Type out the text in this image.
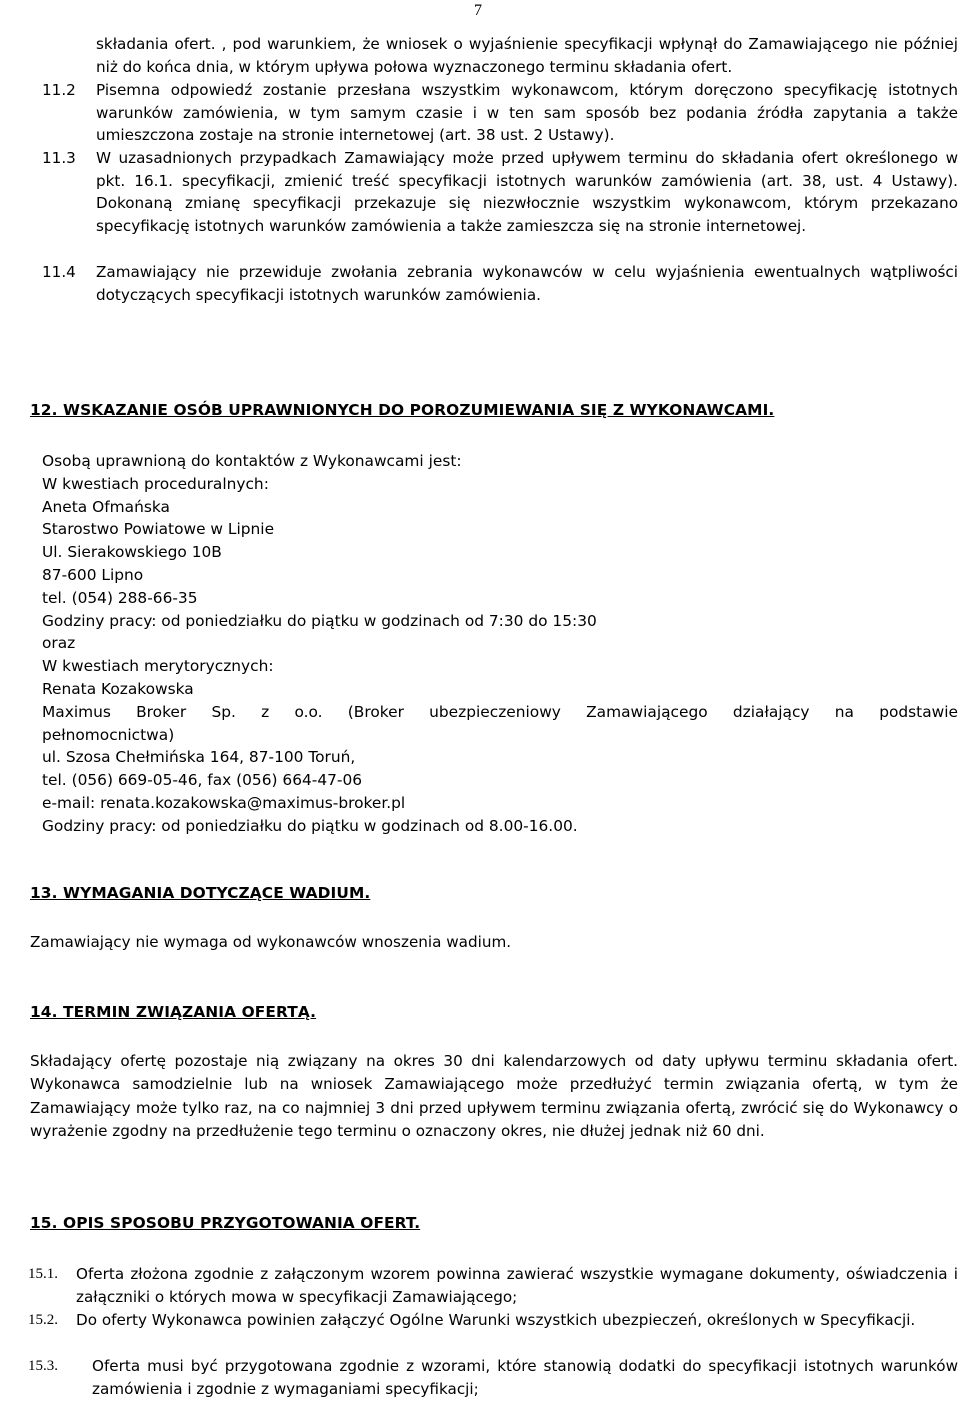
7
składania ofert. , pod warunkiem, że wniosek o wyjaśnienie specyfikacji wpłynął do Zamawiającego nie później niż do końca dnia, w którym upływa połowa wyznaczonego terminu składania ofert.
11.2 Pisemna odpowiedź zostanie przesłana wszystkim wykonawcom, którym doręczono specyfikację istotnych warunków zamówienia, w tym samym czasie i w ten sam sposób bez podania źródła zapytania a także umieszczona zostaje na stronie internetowej (art. 38 ust. 2 Ustawy).
11.3 W uzasadnionych przypadkach Zamawiający może przed upływem terminu do składania ofert określonego w pkt. 16.1. specyfikacji, zmienić treść specyfikacji istotnych warunków zamówienia (art. 38, ust. 4 Ustawy). Dokonaną zmianę specyfikacji przekazuje się niezwłocznie wszystkim wykonawcom, którym przekazano specyfikację istotnych warunków zamówienia a także zamieszcza się na stronie internetowej.
11.4 Zamawiający nie przewiduje zwołania zebrania wykonawców w celu wyjaśnienia ewentualnych wątpliwości dotyczących specyfikacji istotnych warunków zamówienia.
12. WSKAZANIE OSÓB UPRAWNIONYCH DO POROZUMIEWANIA SIĘ Z WYKONAWCAMI.
Osobą uprawnioną do kontaktów z Wykonawcami jest:
W kwestiach proceduralnych:
Aneta Ofmańska
Starostwo Powiatowe w Lipnie
Ul. Sierakowskiego 10B
87-600 Lipno
tel. (054) 288-66-35
Godziny pracy: od poniedziałku do piątku w godzinach od 7:30 do 15:30
oraz
W kwestiach merytorycznych:
Renata Kozakowska
Maximus Broker Sp. z o.o. (Broker ubezpieczeniowy Zamawiającego działający na podstawie
pełnomocnictwa)
ul. Szosa Chełmińska 164, 87-100 Toruń,
tel. (056) 669-05-46, fax (056) 664-47-06
e-mail: renata.kozakowska@maximus-broker.pl
Godziny pracy: od poniedziałku do piątku w godzinach od 8.00-16.00.
13. WYMAGANIA DOTYCZĄCE WADIUM.
Zamawiający nie wymaga od wykonawców wnoszenia wadium.
14. TERMIN ZWIĄZANIA OFERTĄ.
Składający ofertę pozostaje nią związany na okres 30 dni kalendarzowych od daty upływu terminu składania ofert. Wykonawca samodzielnie lub na wniosek Zamawiającego może przedłużyć termin związania ofertą, w tym że Zamawiający może tylko raz, na co najmniej 3 dni przed upływem terminu związania ofertą, zwrócić się do Wykonawcy o wyrażenie zgodny na przedłużenie tego terminu o oznaczony okres, nie dłużej jednak niż 60 dni.
15. OPIS SPOSOBU PRZYGOTOWANIA OFERT.
15.1. Oferta złożona zgodnie z załączonym wzorem powinna zawierać wszystkie wymagane dokumenty, oświadczenia i załączniki o których mowa w specyfikacji Zamawiającego;
15.2. Do oferty Wykonawca powinien załączyć Ogólne Warunki wszystkich ubezpieczeń, określonych w Specyfikacji.
15.3. Oferta musi być przygotowana zgodnie z wzorami, które stanowią dodatki do specyfikacji istotnych warunków zamówienia i zgodnie z wymaganiami specyfikacji;
